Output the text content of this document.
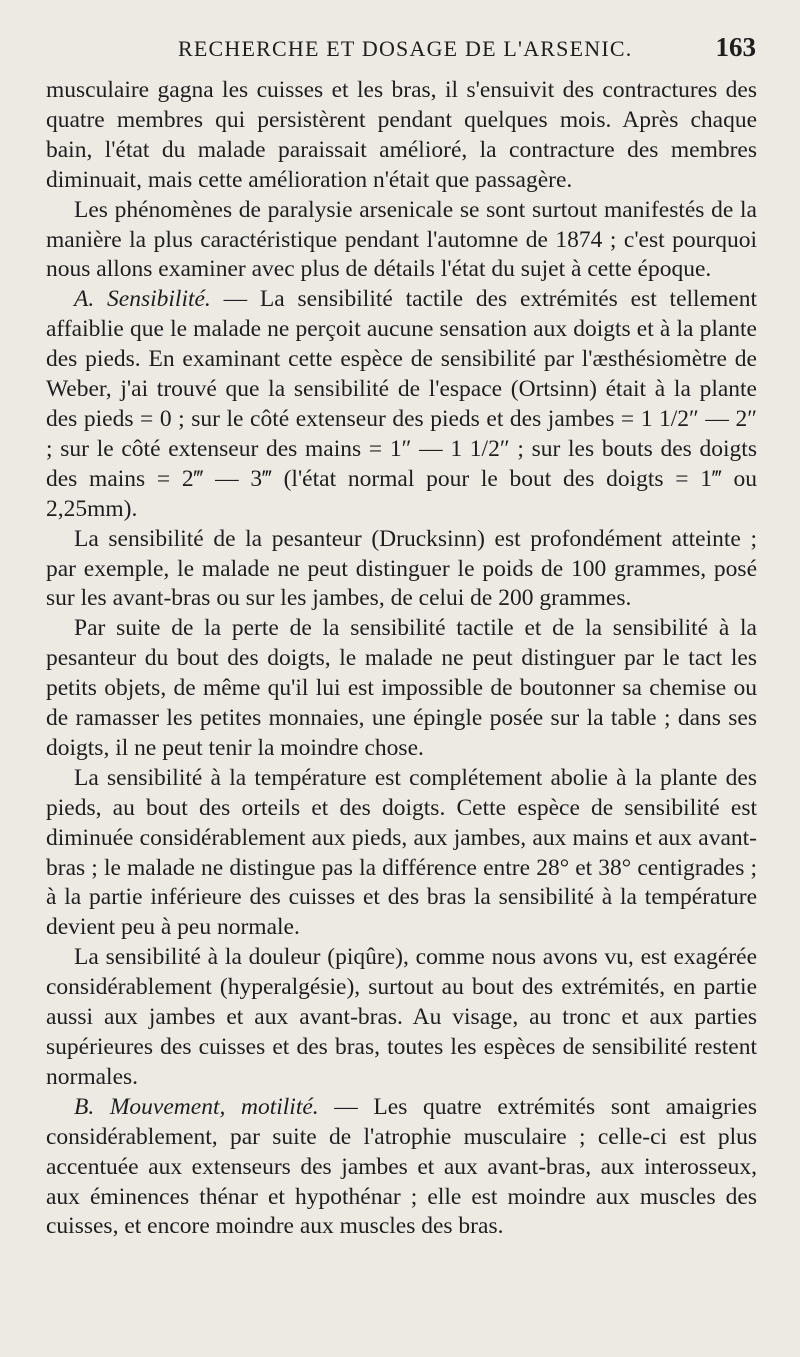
RECHERCHE ET DOSAGE DE L'ARSENIC.	163

musculaire gagna les cuisses et les bras, il s'ensuivit des contractures des quatre membres qui persistèrent pendant quelques mois. Après chaque bain, l'état du malade paraissait amélioré, la contracture des membres diminuait, mais cette amélioration n'était que passagère.

Les phénomènes de paralysie arsenicale se sont surtout manifestés de la manière la plus caractéristique pendant l'automne de 1874 ; c'est pourquoi nous allons examiner avec plus de détails l'état du sujet à cette époque.

A. Sensibilité. — La sensibilité tactile des extrémités est tellement affaiblie que le malade ne perçoit aucune sensation aux doigts et à la plante des pieds. En examinant cette espèce de sensibilité par l'æsthésiomètre de Weber, j'ai trouvé que la sensibilité de l'espace (Ortsinn) était à la plante des pieds = 0 ; sur le côté extenseur des pieds et des jambes = 1 1/2″ — 2″ ; sur le côté extenseur des mains = 1″ — 1 1/2″ ; sur les bouts des doigts des mains = 2‴ — 3‴ (l'état normal pour le bout des doigts = 1‴ ou 2,25mm).

La sensibilité de la pesanteur (Drucksinn) est profondément atteinte ; par exemple, le malade ne peut distinguer le poids de 100 grammes, posé sur les avant-bras ou sur les jambes, de celui de 200 grammes.

Par suite de la perte de la sensibilité tactile et de la sensibilité à la pesanteur du bout des doigts, le malade ne peut distinguer par le tact les petits objets, de même qu'il lui est impossible de boutonner sa chemise ou de ramasser les petites monnaies, une épingle posée sur la table ; dans ses doigts, il ne peut tenir la moindre chose.

La sensibilité à la température est complétement abolie à la plante des pieds, au bout des orteils et des doigts. Cette espèce de sensibilité est diminuée considérablement aux pieds, aux jambes, aux mains et aux avant-bras ; le malade ne distingue pas la différence entre 28° et 38° centigrades ; à la partie inférieure des cuisses et des bras la sensibilité à la température devient peu à peu normale.

La sensibilité à la douleur (piqûre), comme nous avons vu, est exagérée considérablement (hyperalgésie), surtout au bout des extrémités, en partie aussi aux jambes et aux avant-bras. Au visage, au tronc et aux parties supérieures des cuisses et des bras, toutes les espèces de sensibilité restent normales.

B. Mouvement, motilité. — Les quatre extrémités sont amaigries considérablement, par suite de l'atrophie musculaire ; celle-ci est plus accentuée aux extenseurs des jambes et aux avant-bras, aux interosseux, aux éminences thénar et hypothénar ; elle est moindre aux muscles des cuisses, et encore moindre aux muscles des bras.
